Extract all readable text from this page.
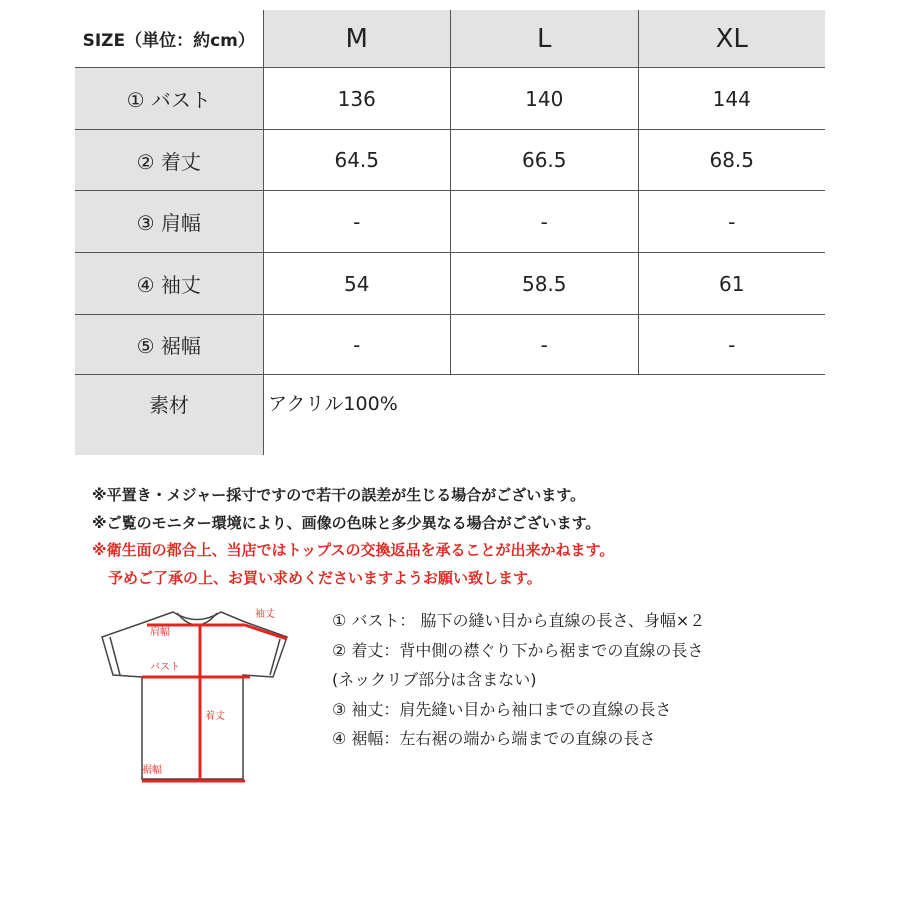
SIZE（単位：約cm）	M	L	XL
① バスト	136	140	144
② 着丈	64.5	66.5	68.5
③ 肩幅	-	-	-
④ 袖丈	54	58.5	61
⑤ 裾幅	-	-	-
素材	アクリル100%
※平置き・メジャー採寸ですので若干の誤差が生じる場合がございます。
※ご覧のモニター環境により、画像の色味と多少異なる場合がございます。
※衛生面の都合上、当店ではトップスの交換返品を承ることが出来かねます。
予めご了承の上、お買い求めくださいますようお願い致します。
袖丈
肩幅
バスト
着丈
裾幅
① バスト： 脇下の縫い目から直線の長さ、身幅×２
② 着丈：背中側の襟ぐり下から裾までの直線の長さ
(ネックリブ部分は含まない)
③ 袖丈：肩先縫い目から袖口までの直線の長さ
④ 裾幅：左右裾の端から端までの直線の長さ
